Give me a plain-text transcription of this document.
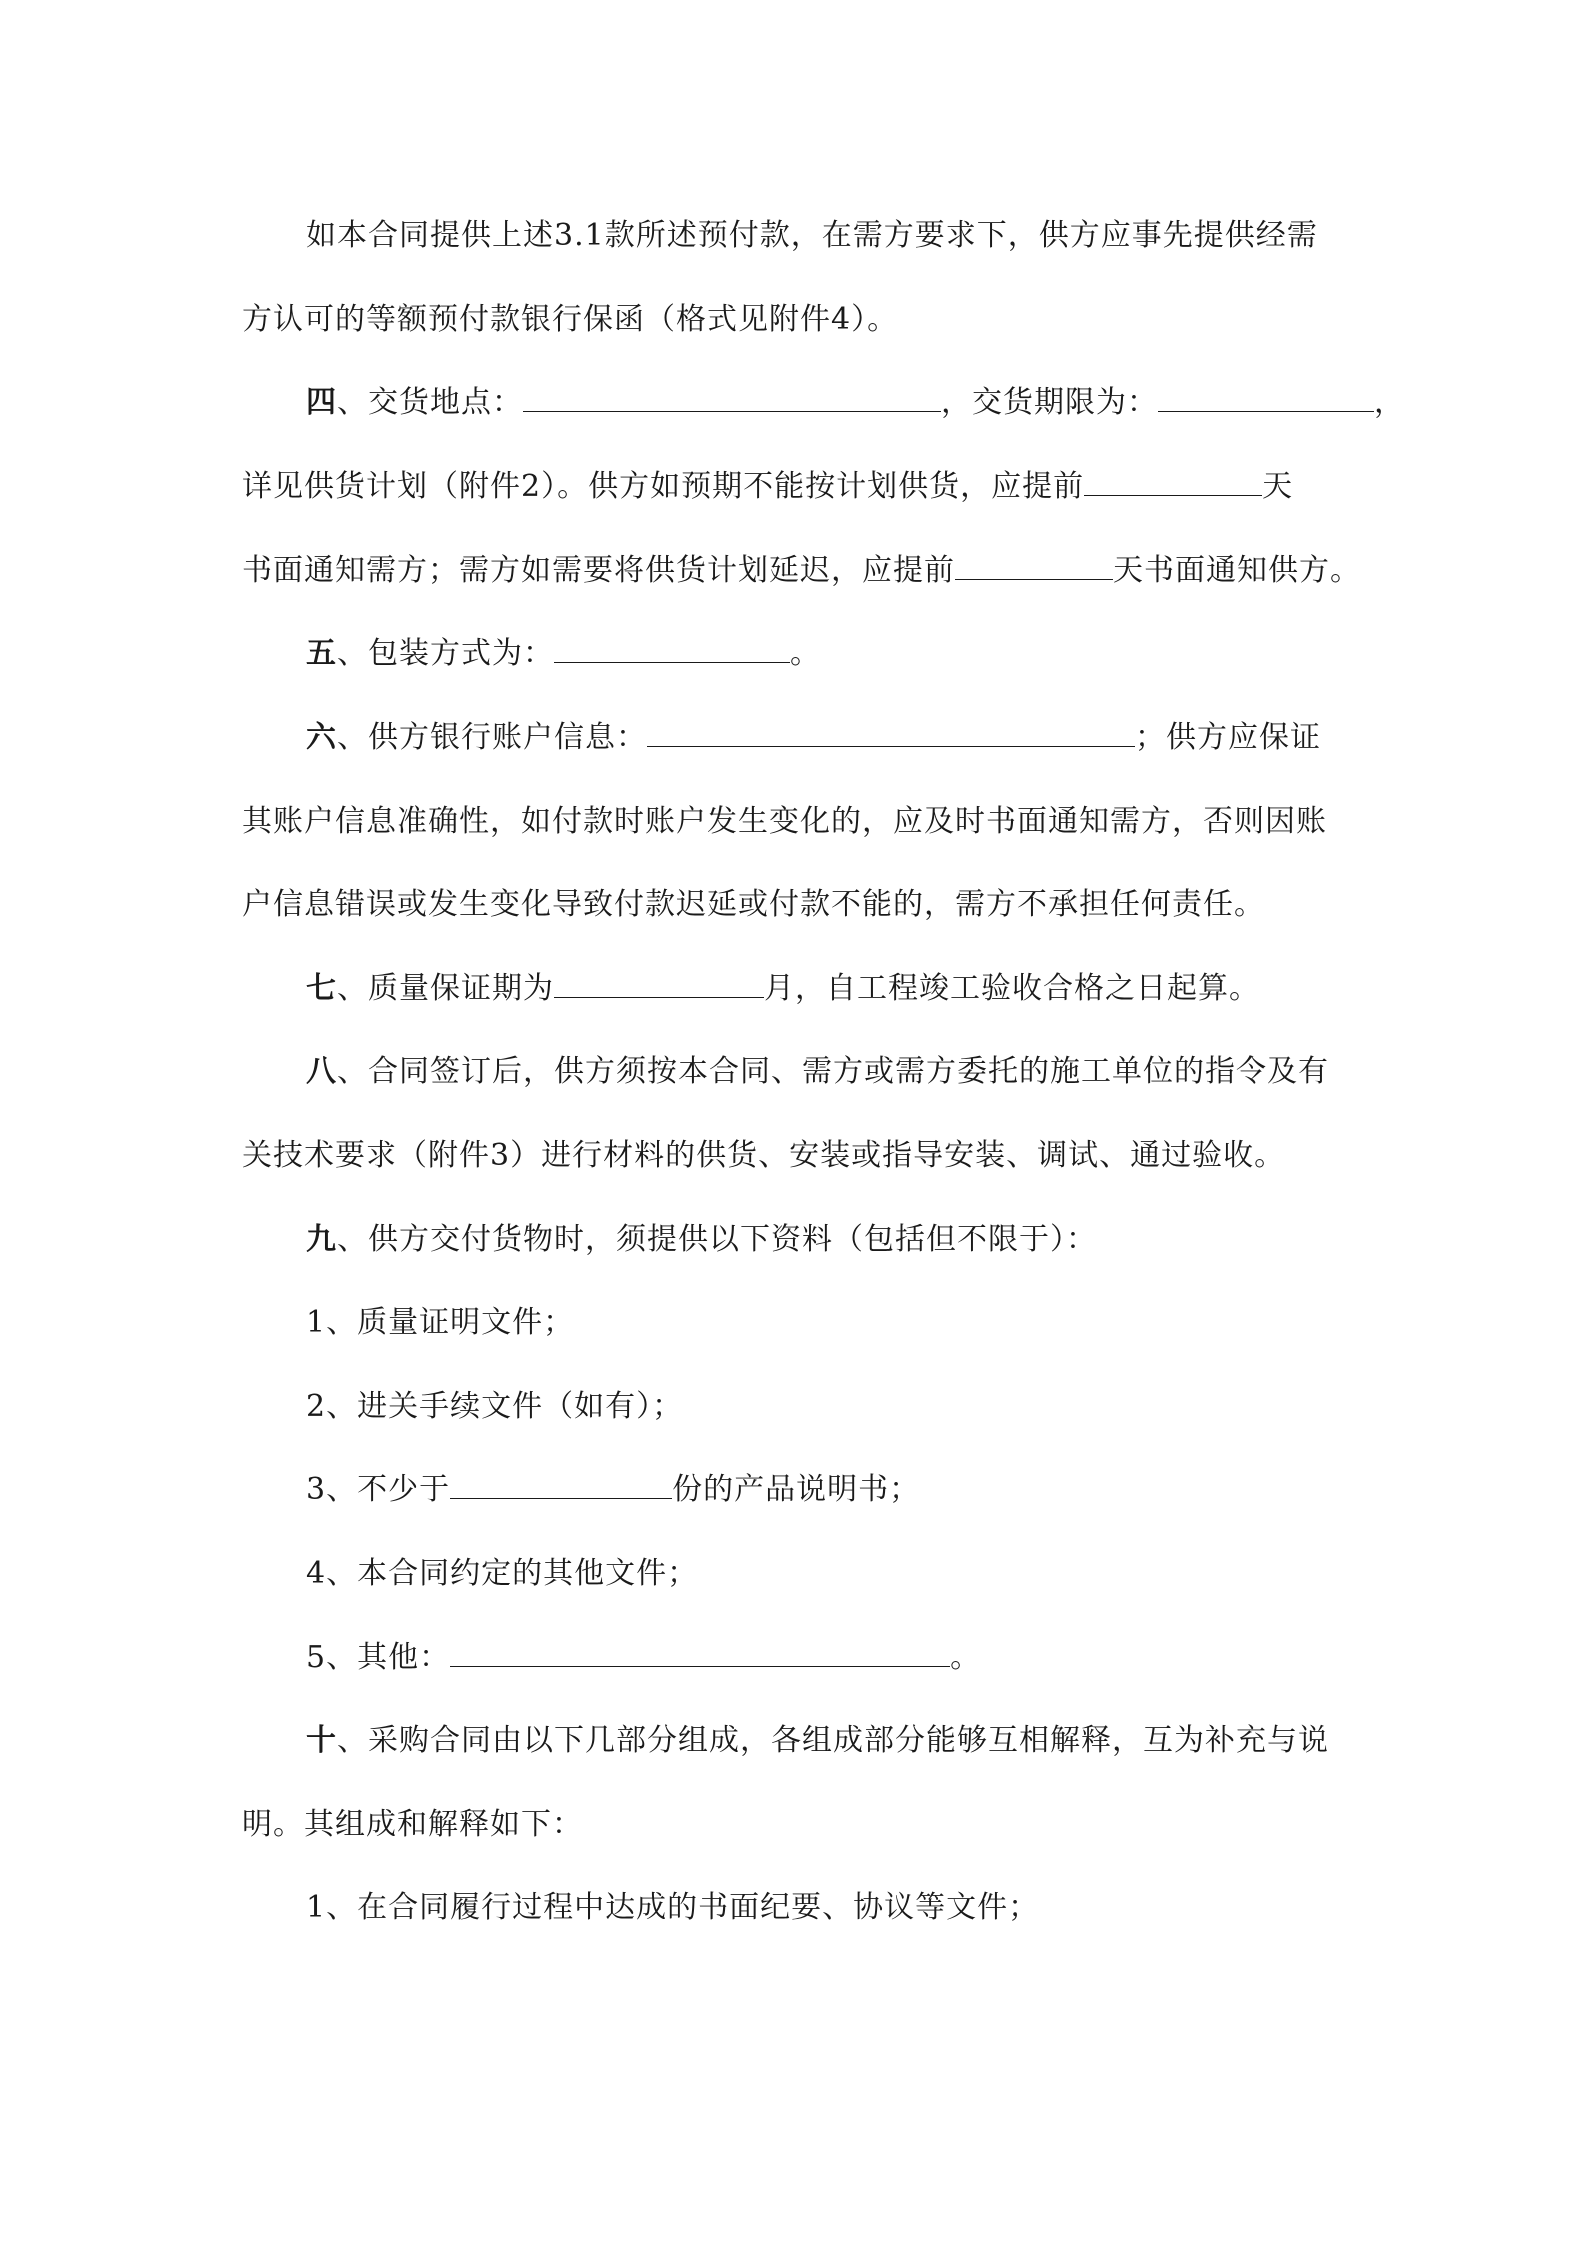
如本合同提供上述3.1款所述预付款，在需方要求下，供方应事先提供经需
方认可的等额预付款银行保函（格式见附件4）。
四、交货地点：	，交货期限为：	，
详见供货计划（附件2）。供方如预期不能按计划供货，应提前	天
书面通知需方；需方如需要将供货计划延迟，应提前	天书面通知供方。
五、包装方式为：	。
六、供方银行账户信息：	；供方应保证
其账户信息准确性，如付款时账户发生变化的，应及时书面通知需方，否则因账
户信息错误或发生变化导致付款迟延或付款不能的，需方不承担任何责任。
七、质量保证期为	月，自工程竣工验收合格之日起算。
八、合同签订后，供方须按本合同、需方或需方委托的施工单位的指令及有
关技术要求（附件3）进行材料的供货、安装或指导安装、调试、通过验收。
九、供方交付货物时，须提供以下资料（包括但不限于）：
1、质量证明文件；
2、进关手续文件（如有）；
3、不少于	份的产品说明书；
4、本合同约定的其他文件；
5、其他：	。
十、采购合同由以下几部分组成，各组成部分能够互相解释，互为补充与说
明。其组成和解释如下：
1、在合同履行过程中达成的书面纪要、协议等文件；
